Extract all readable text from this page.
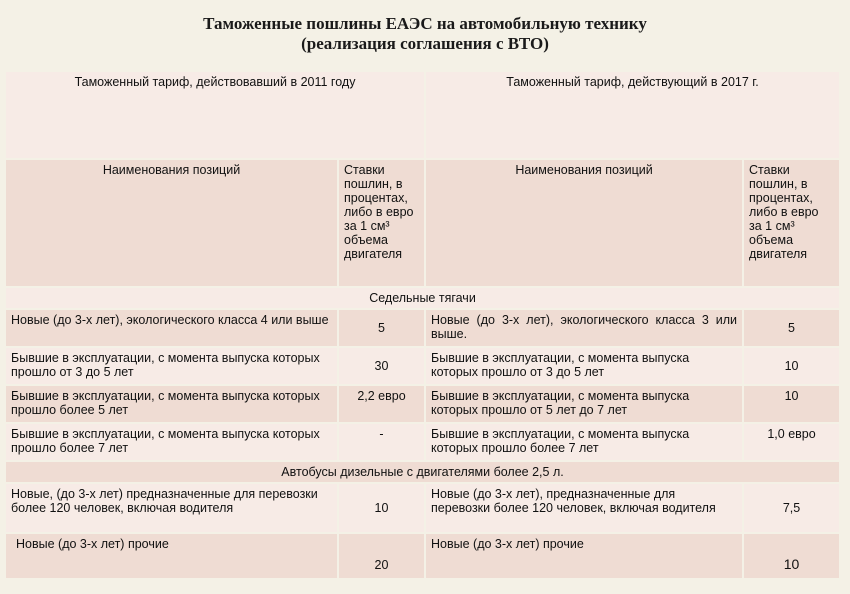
Таможенные пошлины ЕАЭС на автомобильную технику
(реализация соглашения с ВТО)
Таможенный тариф, действовавший в 2011 году		Таможенный тариф, действующий в 2017 г.	
Наименования позиций	Ставки пошлин, в процентах, либо в евро за 1 см³ объема двигателя	Наименования позиций	Ставки пошлин, в процентах, либо в евро за 1 см³ объема двигателя
Седельные тягачи			
Новые (до 3-х лет), экологического класса 4 или выше	5	Новые (до 3-х лет), экологического класса 3 или выше.	5
Бывшие в эксплуатации, с момента выпуска которых прошло от 3 до 5 лет	30	Бывшие в эксплуатации, с момента выпуска которых прошло от 3 до 5 лет	10
Бывшие в эксплуатации, с момента выпуска которых прошло более 5 лет	2,2 евро	Бывшие в эксплуатации, с момента выпуска которых прошло от 5 лет до 7 лет	10
Бывшие в эксплуатации, с момента выпуска которых прошло более 7 лет	-	Бывшие в эксплуатации, с момента выпуска которых прошло более 7 лет	1,0 евро
Автобусы дизельные с двигателями более 2,5 л.			
Новые, (до 3-х лет) предназначенные для перевозки более 120 человек, включая водителя	10	Новые (до 3-х лет), предназначенные для перевозки более 120 человек, включая водителя	7,5
Новые (до 3-х лет) прочие	20	Новые (до 3-х лет) прочие	10
